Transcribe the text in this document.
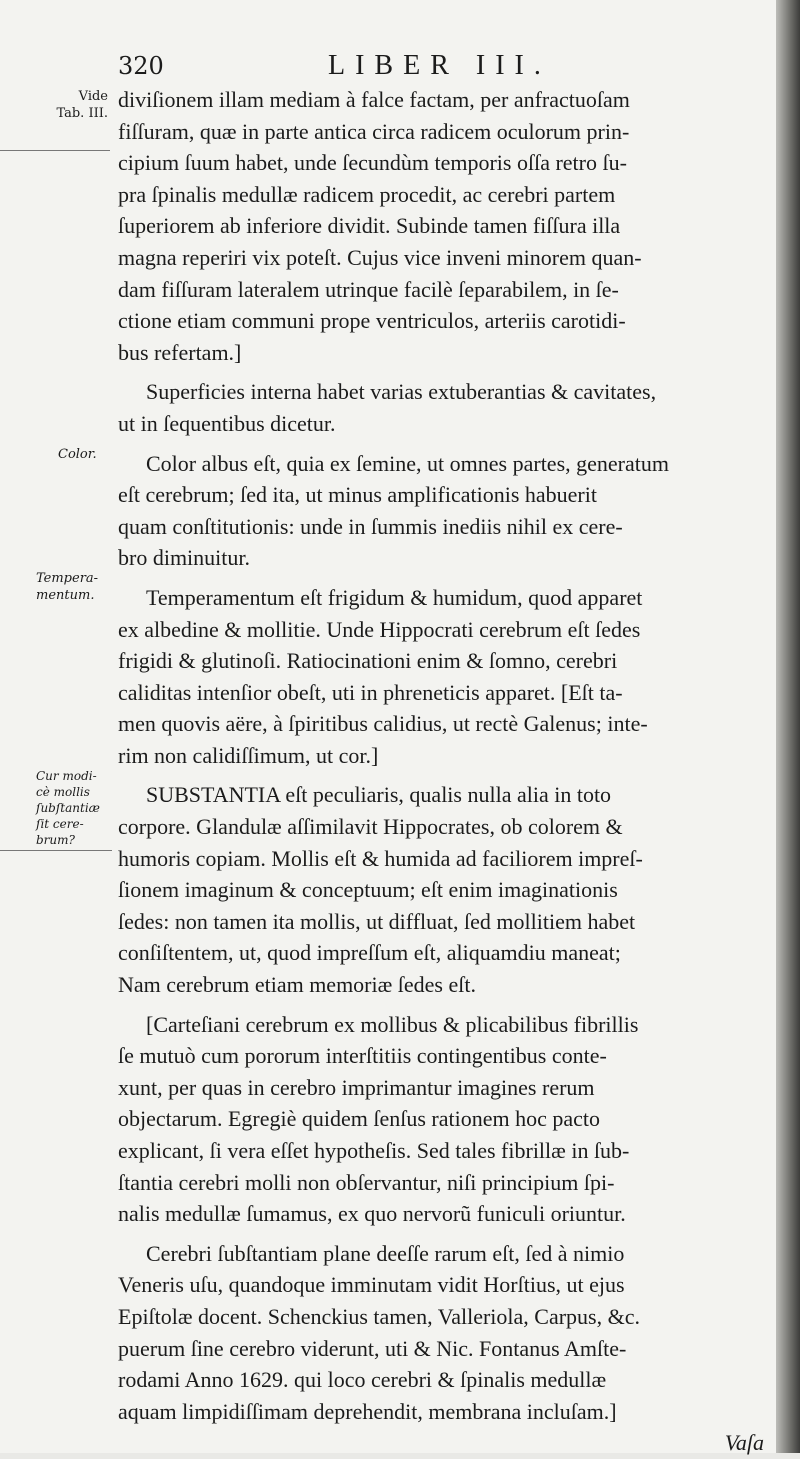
320	LIBER III.
Vide
Tab. III.
Color.
Tempera-
mentum.
Cur modi-
cè mollis
ſubſtantiæ
ſit cere-
brum?

diviſionem illam mediam à falce factam, per anfractuoſam
fiſſuram, quæ in parte antica circa radicem oculorum prin-
cipium ſuum habet, unde ſecundùm temporis oſſa retro ſu-
pra ſpinalis medullæ radicem procedit, ac cerebri partem
ſuperiorem ab inferiore dividit. Subinde tamen fiſſura illa
magna reperiri vix poteſt. Cujus vice inveni minorem quan-
dam fiſſuram lateralem utrinque facilè ſeparabilem, in ſe-
ctione etiam communi prope ventriculos, arteriis carotidi-
bus refertam.]

Superficies interna habet varias extuberantias & cavitates,
ut in ſequentibus dicetur.

Color albus eſt, quia ex ſemine, ut omnes partes, generatum
eſt cerebrum; ſed ita, ut minus amplificationis habuerit
quam conſtitutionis: unde in ſummis inediis nihil ex cere-
bro diminuitur.

Temperamentum eſt frigidum & humidum, quod apparet
ex albedine & mollitie. Unde Hippocrati cerebrum eſt ſedes
frigidi & glutinoſi. Ratiocinationi enim & ſomno, cerebri
caliditas intenſior obeſt, uti in phreneticis apparet. [Eſt ta-
men quovis aëre, à ſpiritibus calidius, ut rectè Galenus; inte-
rim non calidiſſimum, ut cor.]

SUBSTANTIA eſt peculiaris, qualis nulla alia in toto
corpore. Glandulæ aſſimilavit Hippocrates, ob colorem &
humoris copiam. Mollis eſt & humida ad faciliorem impreſ-
ſionem imaginum & conceptuum; eſt enim imaginationis
ſedes: non tamen ita mollis, ut diffluat, ſed mollitiem habet
conſiſtentem, ut, quod impreſſum eſt, aliquamdiu maneat;
Nam cerebrum etiam memoriæ ſedes eſt.

[Carteſiani cerebrum ex mollibus & plicabilibus fibrillis
ſe mutuò cum pororum interſtitiis contingentibus conte-
xunt, per quas in cerebro imprimantur imagines rerum
objectarum. Egregiè quidem ſenſus rationem hoc pacto
explicant, ſi vera eſſet hypotheſis. Sed tales fibrillæ in ſub-
ſtantia cerebri molli non obſervantur, niſi principium ſpi-
nalis medullæ ſumamus, ex quo nervorũ funiculi oriuntur.

Cerebri ſubſtantiam plane deeſſe rarum eſt, ſed à nimio
Veneris uſu, quandoque imminutam vidit Horſtius, ut ejus
Epiſtolæ docent. Schenckius tamen, Valleriola, Carpus, &c.
puerum ſine cerebro viderunt, uti & Nic. Fontanus Amſte-
rodami Anno 1629. qui loco cerebri & ſpinalis medullæ
aquam limpidiſſimam deprehendit, membrana incluſam.]

Vaſa
